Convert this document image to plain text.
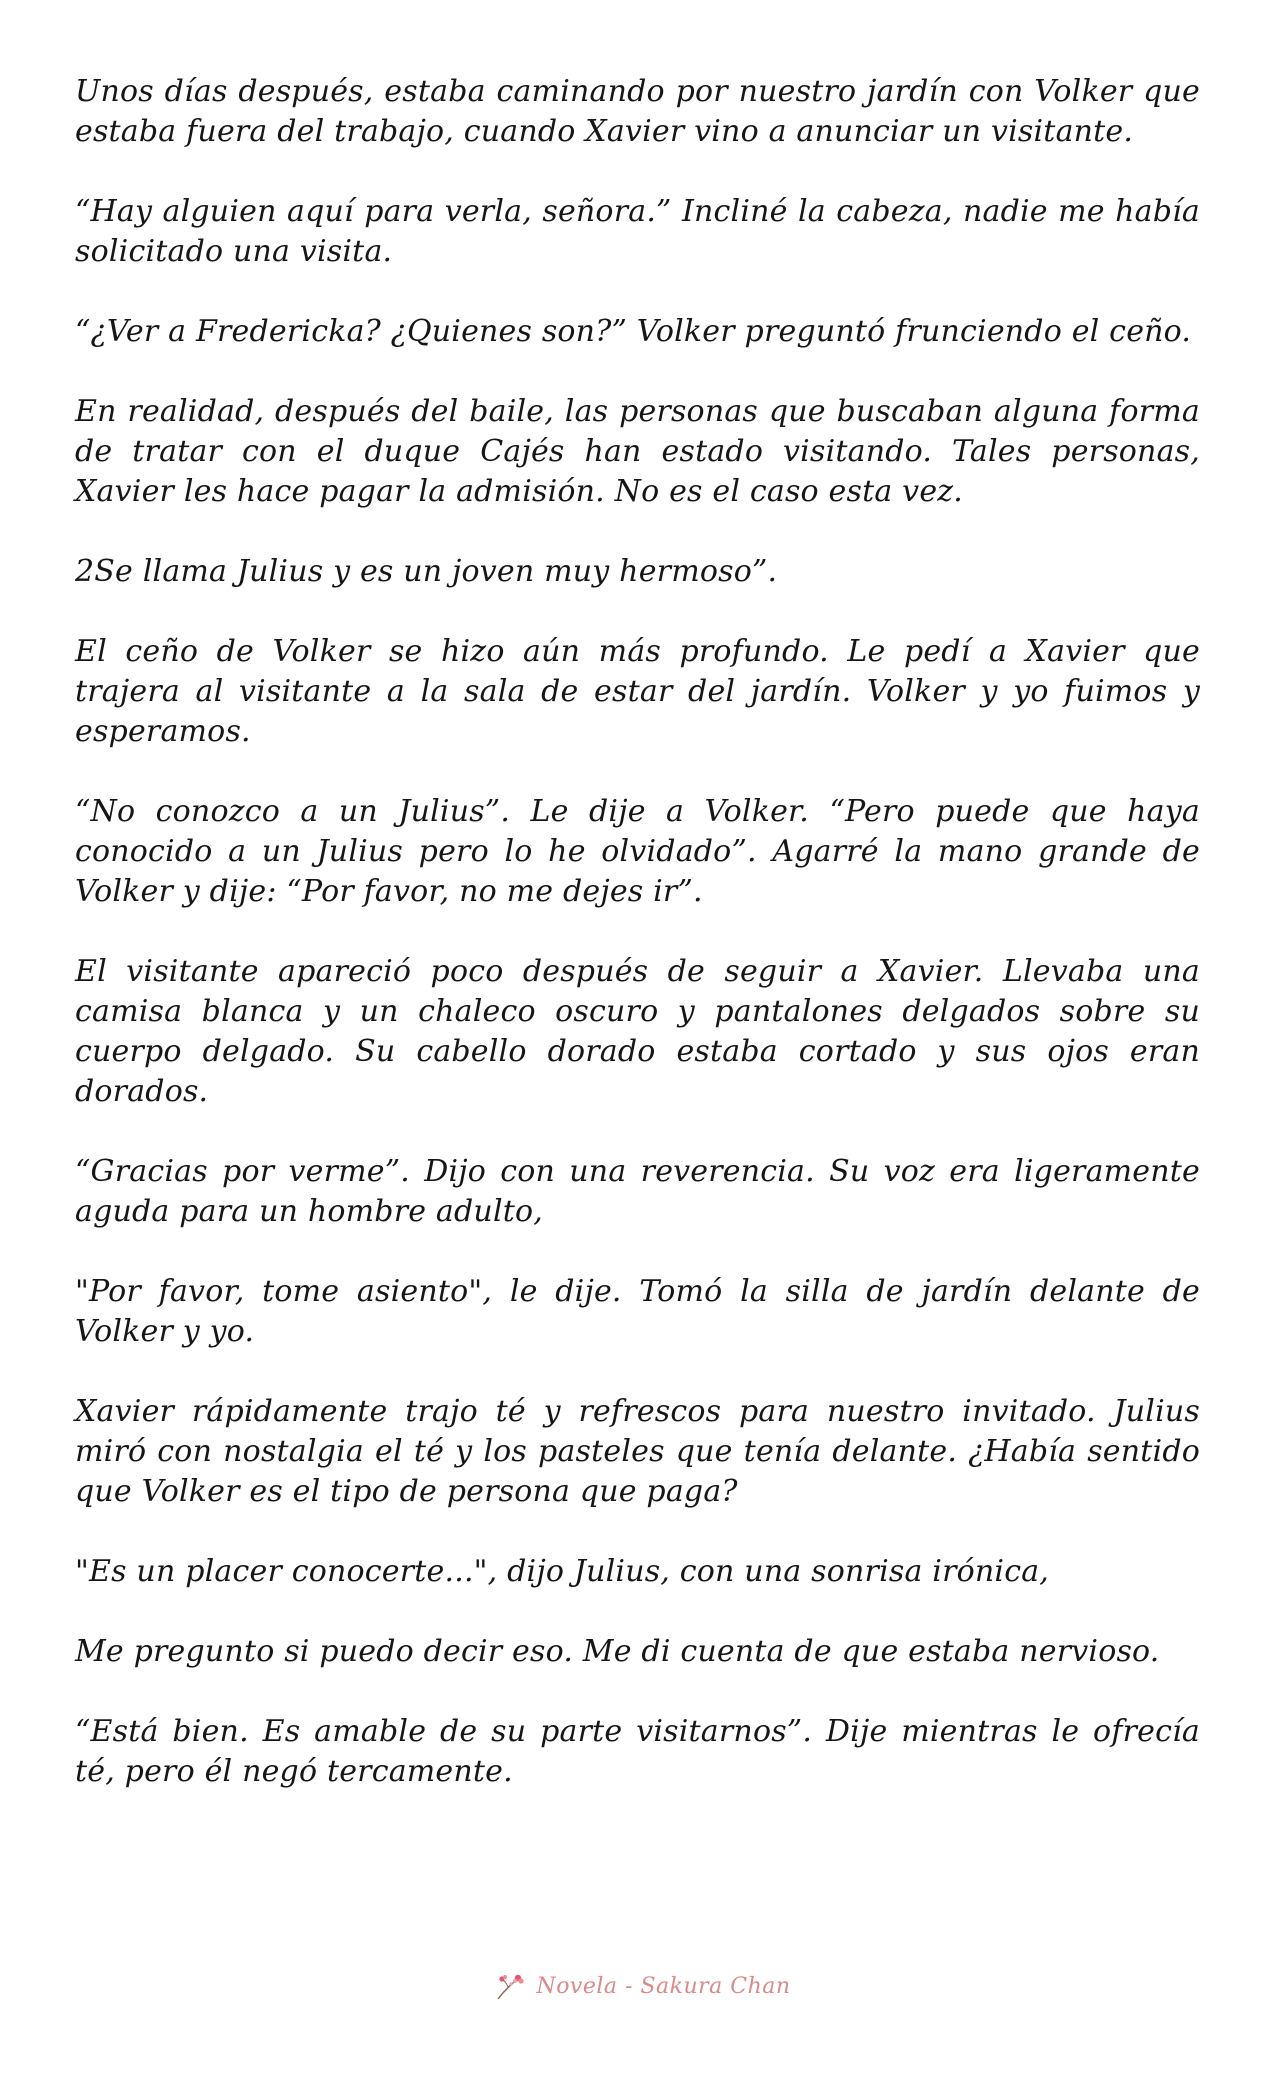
Unos días después, estaba caminando por nuestro jardín con Volker que estaba fuera del trabajo, cuando Xavier vino a anunciar un visitante.

“Hay alguien aquí para verla, señora.” Incliné la cabeza, nadie me había solicitado una visita.

“¿Ver a Fredericka? ¿Quienes son?” Volker preguntó frunciendo el ceño.

En realidad, después del baile, las personas que buscaban alguna forma de tratar con el duque Cajés han estado visitando. Tales personas, Xavier les hace pagar la admisión. No es el caso esta vez.

2Se llama Julius y es un joven muy hermoso”.

El ceño de Volker se hizo aún más profundo. Le pedí a Xavier que trajera al visitante a la sala de estar del jardín. Volker y yo fuimos y esperamos.

“No conozco a un Julius”. Le dije a Volker. “Pero puede que haya conocido a un Julius pero lo he olvidado”. Agarré la mano grande de Volker y dije: “Por favor, no me dejes ir”.

El visitante apareció poco después de seguir a Xavier. Llevaba una camisa blanca y un chaleco oscuro y pantalones delgados sobre su cuerpo delgado. Su cabello dorado estaba cortado y sus ojos eran dorados.

“Gracias por verme”. Dijo con una reverencia. Su voz era ligeramente aguda para un hombre adulto,

"Por favor, tome asiento", le dije. Tomó la silla de jardín delante de Volker y yo.

Xavier rápidamente trajo té y refrescos para nuestro invitado. Julius miró con nostalgia el té y los pasteles que tenía delante. ¿Había sentido que Volker es el tipo de persona que paga?

"Es un placer conocerte...", dijo Julius, con una sonrisa irónica,

Me pregunto si puedo decir eso. Me di cuenta de que estaba nervioso.

“Está bien. Es amable de su parte visitarnos”. Dije mientras le ofrecía té, pero él negó tercamente.

Novela - Sakura Chan
